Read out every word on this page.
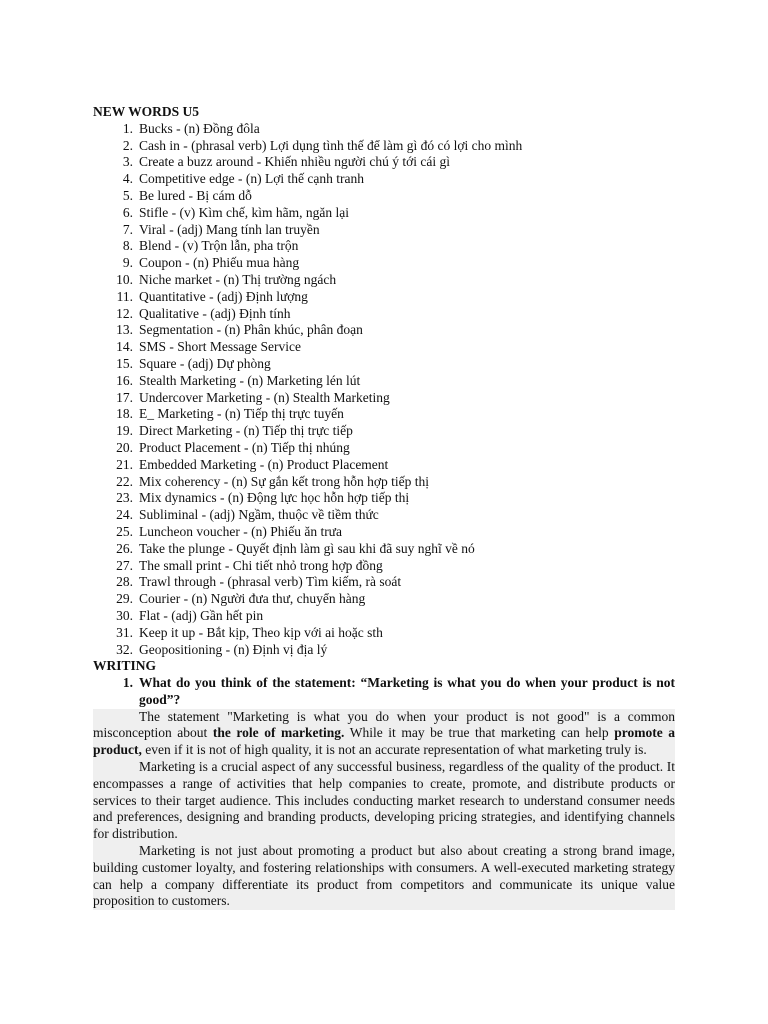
NEW WORDS U5

1. Bucks - (n) Đồng đôla
2. Cash in - (phrasal verb) Lợi dụng tình thế để làm gì đó có lợi cho mình
3. Create a buzz around - Khiến nhiều người chú ý tới cái gì
4. Competitive edge - (n) Lợi thế cạnh tranh
5. Be lured - Bị cám dỗ
6. Stifle - (v) Kìm chế, kìm hãm, ngăn lại
7. Viral - (adj) Mang tính lan truyền
8. Blend - (v) Trộn lẫn, pha trộn
9. Coupon - (n) Phiếu mua hàng
10. Niche market - (n) Thị trường ngách
11. Quantitative - (adj) Định lượng
12. Qualitative - (adj) Định tính
13. Segmentation - (n) Phân khúc, phân đoạn
14. SMS - Short Message Service
15. Square - (adj) Dự phòng
16. Stealth Marketing - (n) Marketing lén lút
17. Undercover Marketing - (n) Stealth Marketing
18. E_ Marketing - (n) Tiếp thị trực tuyến
19. Direct Marketing - (n) Tiếp thị trực tiếp
20. Product Placement - (n) Tiếp thị nhúng
21. Embedded Marketing - (n) Product Placement
22. Mix coherency - (n) Sự gắn kết trong hỗn hợp tiếp thị
23. Mix dynamics - (n) Động lực học hỗn hợp tiếp thị
24. Subliminal - (adj) Ngầm, thuộc về tiềm thức
25. Luncheon voucher - (n) Phiếu ăn trưa
26. Take the plunge - Quyết định làm gì sau khi đã suy nghĩ về nó
27. The small print - Chi tiết nhỏ trong hợp đồng
28. Trawl through - (phrasal verb) Tìm kiếm, rà soát
29. Courier - (n) Người đưa thư, chuyển hàng
30. Flat - (adj) Gần hết pin
31. Keep it up - Bắt kịp, Theo kịp với ai hoặc sth
32. Geopositioning - (n) Định vị địa lý

WRITING

1. What do you think of the statement: “Marketing is what you do when your product is not good”?

The statement "Marketing is what you do when your product is not good" is a common misconception about the role of marketing. While it may be true that marketing can help promote a product, even if it is not of high quality, it is not an accurate representation of what marketing truly is.

Marketing is a crucial aspect of any successful business, regardless of the quality of the product. It encompasses a range of activities that help companies to create, promote, and distribute products or services to their target audience. This includes conducting market research to understand consumer needs and preferences, designing and branding products, developing pricing strategies, and identifying channels for distribution.

Marketing is not just about promoting a product but also about creating a strong brand image, building customer loyalty, and fostering relationships with consumers. A well-executed marketing strategy can help a company differentiate its product from competitors and communicate its unique value proposition to customers.
